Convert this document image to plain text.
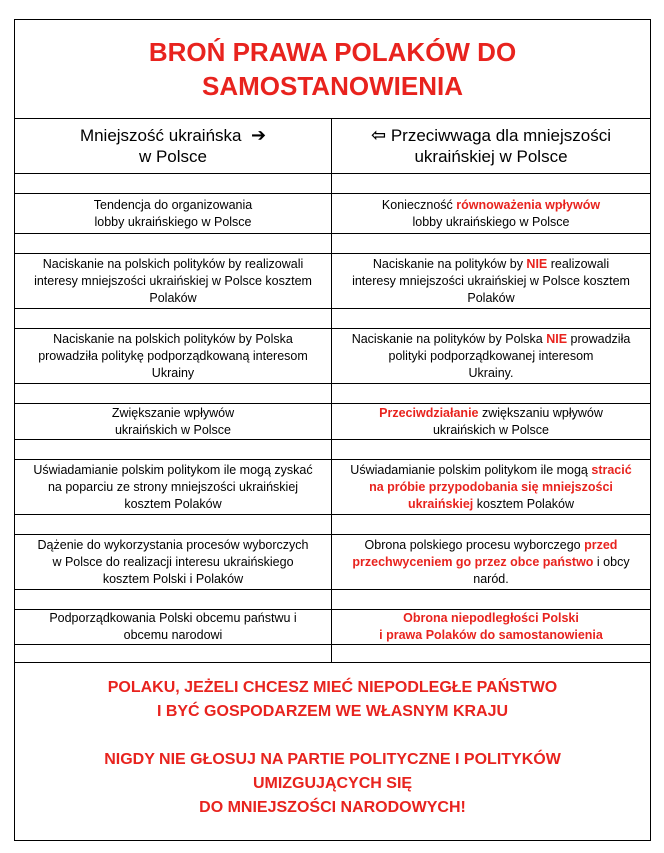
BROŃ PRAWA POLAKÓW DO
SAMOSTANOWIENIA
Mniejszość ukraińska ➔
w Polsce
⇦ Przeciwwaga dla mniejszości
ukraińskiej w Polsce
Tendencja do organizowania
lobby ukraińskiego w Polsce
Konieczność równoważenia wpływów
lobby ukraińskiego w Polsce
Naciskanie na polskich polityków by realizowali
interesy mniejszości ukraińskiej w Polsce kosztem
Polaków
Naciskanie na polityków by NIE realizowali
interesy mniejszości ukraińskiej w Polsce kosztem
Polaków
Naciskanie na polskich polityków by Polska
prowadziła politykę podporządkowaną interesom
Ukrainy
Naciskanie na polityków by Polska NIE prowadziła
polityki podporządkowanej interesom
Ukrainy.
Zwiększanie wpływów
ukraińskich w Polsce
Przeciwdziałanie zwiększaniu wpływów
ukraińskich w Polsce
Uświadamianie polskim politykom ile mogą zyskać
na poparciu ze strony mniejszości ukraińskiej
kosztem Polaków
Uświadamianie polskim politykom ile mogą stracić
na próbie przypodobania się mniejszości
ukraińskiej kosztem Polaków
Dążenie do wykorzystania procesów wyborczych
w Polsce do realizacji interesu ukraińskiego
kosztem Polski i Polaków
Obrona polskiego procesu wyborczego przed
przechwyceniem go przez obce państwo i obcy
naród.
Podporządkowania Polski obcemu państwu i
obcemu narodowi
Obrona niepodległości Polski
i prawa Polaków do samostanowienia
POLAKU, JEŻELI CHCESZ MIEĆ NIEPODLEGŁE PAŃSTWO
I BYĆ GOSPODARZEM WE WŁASNYM KRAJU
NIGDY NIE GŁOSUJ NA PARTIE POLITYCZNE I POLITYKÓW
UMIZGUJĄCYCH SIĘ
DO MNIEJSZOŚCI NARODOWYCH!
